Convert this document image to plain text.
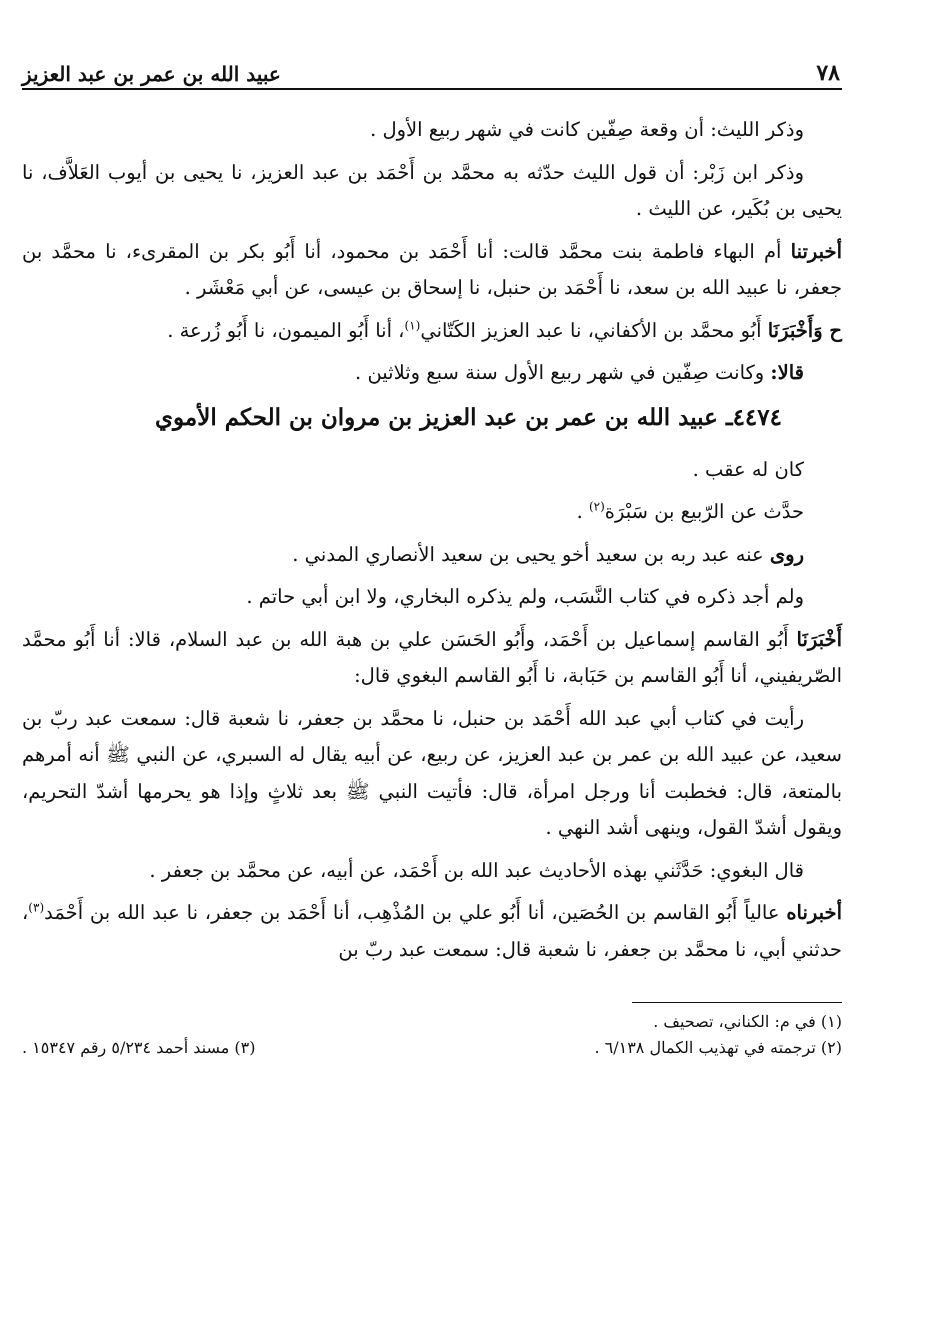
٧٨
عبيد الله بن عمر بن عبد العزيز

وذكر الليث: أن وقعة صِفّين كانت في شهر ربيع الأول .

وذكر ابن زَبْر: أن قول الليث حدّثه به محمَّد بن أَحْمَد بن عبد العزيز، نا يحيى بن أيوب العَلاَّف، نا يحيى بن بُكَير، عن الليث .

أخبرتنا أم البهاء فاطمة بنت محمَّد قالت: أنا أَحْمَد بن محمود، أنا أَبُو بكر بن المقرىء، نا محمَّد بن جعفر، نا عبيد الله بن سعد، نا أَحْمَد بن حنبل، نا إسحاق بن عيسى، عن أبي مَعْشَر .

ح وَأَخْبَرَنَا أَبُو محمَّد بن الأكفاني، نا عبد العزيز الكَتّاني$^{(١)}$، أنا أَبُو الميمون، نا أَبُو زُرعة .

قالا: وكانت صِفّين في شهر ربيع الأول سنة سبع وثلاثين .

٤٤٧٤ـ عبيد الله بن عمر بن عبد العزيز بن مروان بن الحكم الأموي

كان له عقب .

حدَّث عن الرّبيع بن سَبْرَة$^{(٢)}$ .

روى عنه عبد ربه بن سعيد أخو يحيى بن سعيد الأنصاري المدني .

ولم أجد ذكره في كتاب النَّسَب، ولم يذكره البخاري، ولا ابن أبي حاتم .

أَخْبَرَنَا أَبُو القاسم إسماعيل بن أَحْمَد، وأَبُو الحَسَن علي بن هبة الله بن عبد السلام، قالا: أنا أَبُو محمَّد الصّريفيني، أنا أَبُو القاسم بن حَبَابة، نا أَبُو القاسم البغوي قال:

رأيت في كتاب أبي عبد الله أَحْمَد بن حنبل، نا محمَّد بن جعفر، نا شعبة قال: سمعت عبد ربّ بن سعيد، عن عبيد الله بن عمر بن عبد العزيز، عن ربيع، عن أبيه يقال له السبري، عن النبي ﷺ أنه أمرهم بالمتعة، قال: فخطبت أنا ورجل امرأة، قال: فأتيت النبي ﷺ بعد ثلاثٍ وإذا هو يحرمها أشدّ التحريم، ويقول أشدّ القول، وينهى أشد النهي .

قال البغوي: حَدَّثَني بهذه الأحاديث عبد الله بن أَحْمَد، عن أبيه، عن محمَّد بن جعفر .

أخبرناه عالياً أَبُو القاسم بن الحُصَين، أنا أَبُو علي بن المُذْهِب، أنا أَحْمَد بن جعفر، نا عبد الله بن أَحْمَد$^{(٣)}$، حدثني أبي، نا محمَّد بن جعفر، نا شعبة قال: سمعت عبد ربّ بن

(١) في م: الكناني، تصحيف .
(٢) ترجمته في تهذيب الكمال ٦/١٣٨ .
(٣) مسند أحمد ٥/٢٣٤ رقم ١٥٣٤٧ .
